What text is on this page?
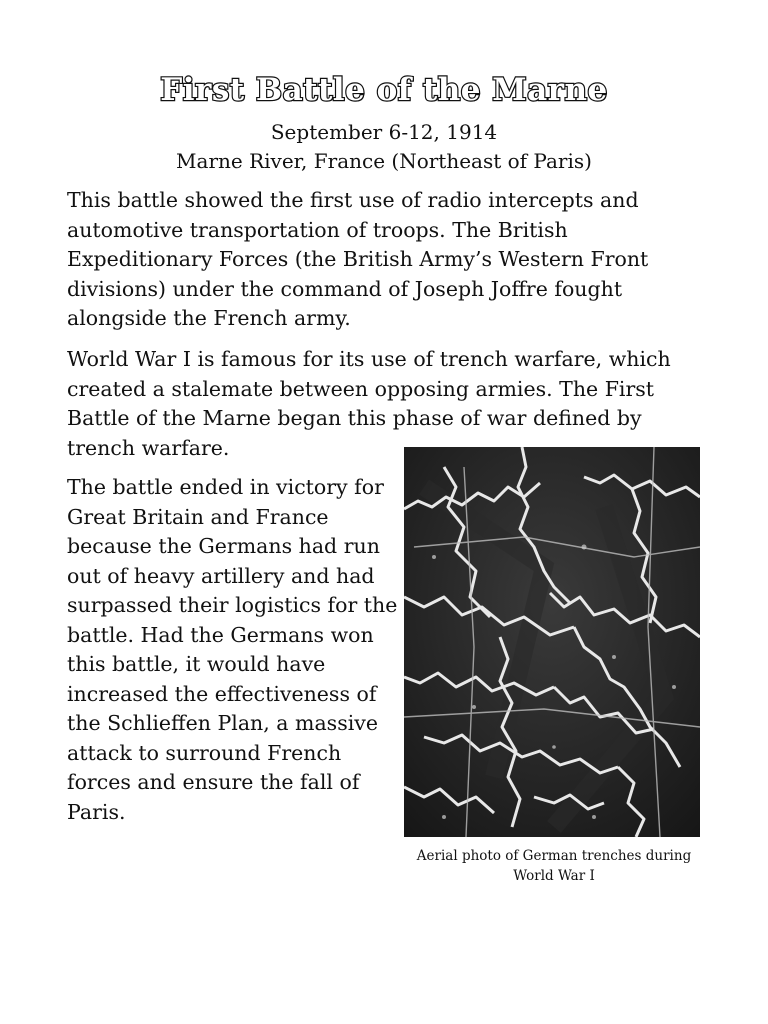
First Battle of the Marne
September 6-12, 1914
Marne River, France (Northeast of Paris)

This battle showed the first use of radio intercepts and automotive transportation of troops. The British Expeditionary Forces (the British Army’s Western Front divisions) under the command of Joseph Joffre fought alongside the French army.

World War I is famous for its use of trench warfare, which created a stalemate between opposing armies. The First Battle of the Marne began this phase of war defined by trench warfare.

The battle ended in victory for Great Britain and France because the Germans had run out of heavy artillery and had surpassed their logistics for the battle. Had the Germans won this battle, it would have increased the effectiveness of the Schlieffen Plan, a massive attack to surround French forces and ensure the fall of Paris.

Aerial photo of German trenches during
World War I
